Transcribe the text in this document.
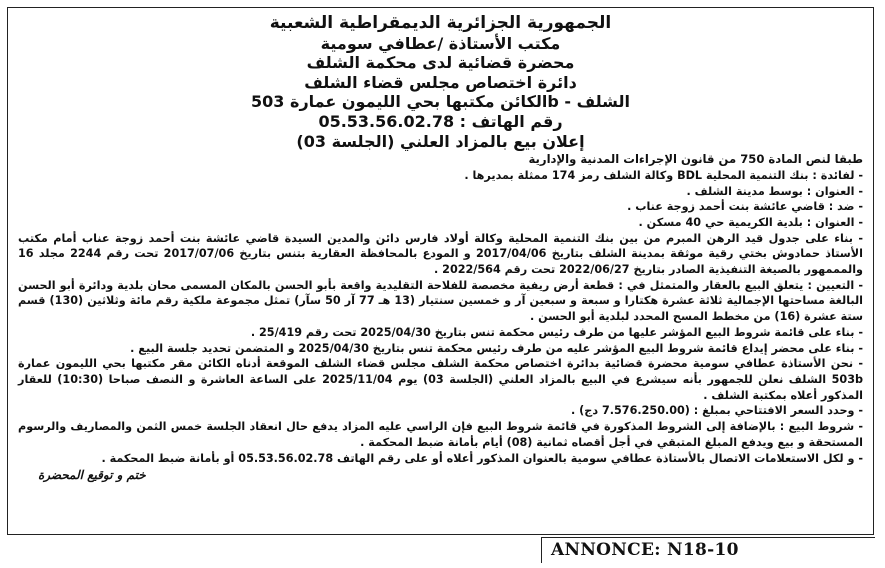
الجمهورية الجزائرية الديمقراطية الشعبية
مكتب الأستاذة /عطافي سومية
محضرة قضائية لدى محكمة الشلف
دائرة اختصاص مجلس قضاء الشلف
الكائن مكتبها بحي الليمون عمارة 503b - الشلف
رقم الهاتف : 05.53.56.02.78
إعلان بيع بالمزاد العلني (الجلسة 03)

طبقا لنص المادة 750 من قانون الإجراءات المدنية والإدارية

- لفائدة : بنك التنمية المحلية BDL وكالة الشلف رمز 174 ممثلة بمديرها .

- العنوان : بوسط مدينة الشلف .

- ضد : قاضي عائشة بنت أحمد زوجة عناب .

- العنوان : بلدية الكريمية حي 40 مسكن .

- بناء على جدول قيد الرهن المبرم من بين بنك التنمية المحلية وكالة أولاد فارس دائن والمدين السيدة قاضي عائشة بنت أحمد زوجة عناب أمام مكتب الأستاذ حمادوش بختي رقية موثقة بمدينة الشلف بتاريخ 2017/04/06 و المودع بالمحافظة العقارية بتنس بتاريخ 2017/07/06 تحت رقم 2244 مجلد 16 والمممهور بالصيغة التنفيذية الصادر بتاريخ 2022/06/27 تحت رقم 2022/564 .

- التعيين : يتعلق البيع بالعقار والمتمثل في : قطعة أرض ريفية مخصصة للفلاحة التقليدية واقعة بأبو الحسن بالمكان المسمى محان بلدية ودائرة أبو الحسن البالغة مساحتها الإجمالية ثلاثة عشرة هكتارا و سبعة و سبعين آر و خمسين سنتيار (13 هـ 77 آر 50 سآر) تمثل مجموعة ملكية رقم مائة وثلاثين (130) قسم ستة عشرة (16) من مخطط المسح المحدد لبلدية أبو الحسن .

- بناء على قائمة شروط البيع المؤشر عليها من طرف رئيس محكمة تنس بتاريخ 2025/04/30 تحت رقم 25/419 .

- بناء على محضر إيداع قائمة شروط البيع المؤشر عليه من طرف رئيس محكمة تنس بتاريخ 2025/04/30 و المتضمن تحديد جلسة البيع .

- نحن الأستاذة عطافي سومية محضرة قضائية بدائرة اختصاص محكمة الشلف مجلس قضاء الشلف الموقعة أدناه الكائن مقر مكتبها بحي الليمون عمارة 503b الشلف نعلن للجمهور بأنه سيشرع في البيع بالمزاد العلني (الجلسة 03) يوم 2025/11/04 على الساعة العاشرة و النصف صباحا (10:30) للعقار المذكور أعلاه بمكتبة الشلف .

- وحدد السعر الافتتاحي بمبلغ : (7.576.250.00 دج) .

- شروط البيع : بالإضافة إلى الشروط المذكورة في قائمة شروط البيع فإن الراسي عليه المزاد يدفع حال انعقاد الجلسة خمس الثمن والمصاريف والرسوم المستحقة و بيع ويدفع المبلغ المتبقي في أجل أقصاه ثمانية (08) أيام بأمانة ضبط المحكمة .

- و لكل الاستعلامات الاتصال بالأستاذة عطافي سومية بالعنوان المذكور أعلاه أو على رقم الهاتف 05.53.56.02.78 أو بأمانة ضبط المحكمة .

ختم و توقيع المحضرة
ANNONCE: N18-10
